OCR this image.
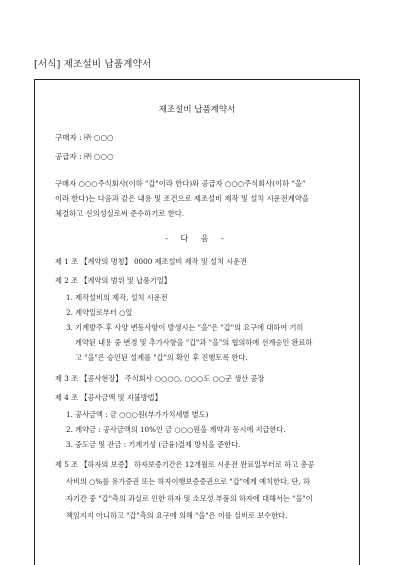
[서식] 제조설비 납품계약서
제조설비 납품계약서
구매자 : ㈜ ○○○
공급자 : ㈜ ○○○
구매자 ○○○주식회사(이하 "갑"이라 한다)와 공급자 ○○○주식회사(이하 "을"
이라 한다)는 다음과 같은 내용 및 조건으로 제조설비 제작 및 설치 시운전계약을
체결하고 신의성실로써 준수하기로 한다.
- 다 음 -
제 1 조 【계약의 명칭】 0000 제조설비 제작 및 설치 시운전
제 2 조 【계약의 범위 및 납품기일】
1. 제작설비의 제작, 설치 시운전
2. 계약일로부터 ○일
3. 기계발주 후 사양 변동사항이 발생시는 "을"은 "갑"의 요구에 대하여 기히
계약된 내용 중 변경 및 추가사항을 "갑"과 "을"의 협의하에 선계승인 완료하
고 "을"은 승인된 설계를 "갑"의 확인 후 진행토록 한다.
제 3 조 【공사현장】 주식회사 ○○○○, ○○○도 ○○군 생산 공장
제 4 조 【공사금액 및 지불방법】
1. 공사금액 : 금 ○○○원(부가가치세별 별도)
2. 계약금 : 공사금액의 10%인 금 ○○○원을 계약과 동시에 지급한다.
3. 중도금 및 잔금 : 기계기성 (금융)결제 방식을 준한다.
제 5 조 【하자의 보증】 하자보증기간은 12개월로 시운전 완료일부터로 하고 총공
사비의 ○%를 유가증권 또는 하자이행보증증권으로 "갑"에게 예치한다. 단, 하
자기간 중 "갑"측의 과실로 인한 하자 및 소모성 부품의 하자에 대해서는 "을"이
책임지지 아니하고 "갑"측의 요구에 의해 "을"은 이를 실비로 보수한다.
